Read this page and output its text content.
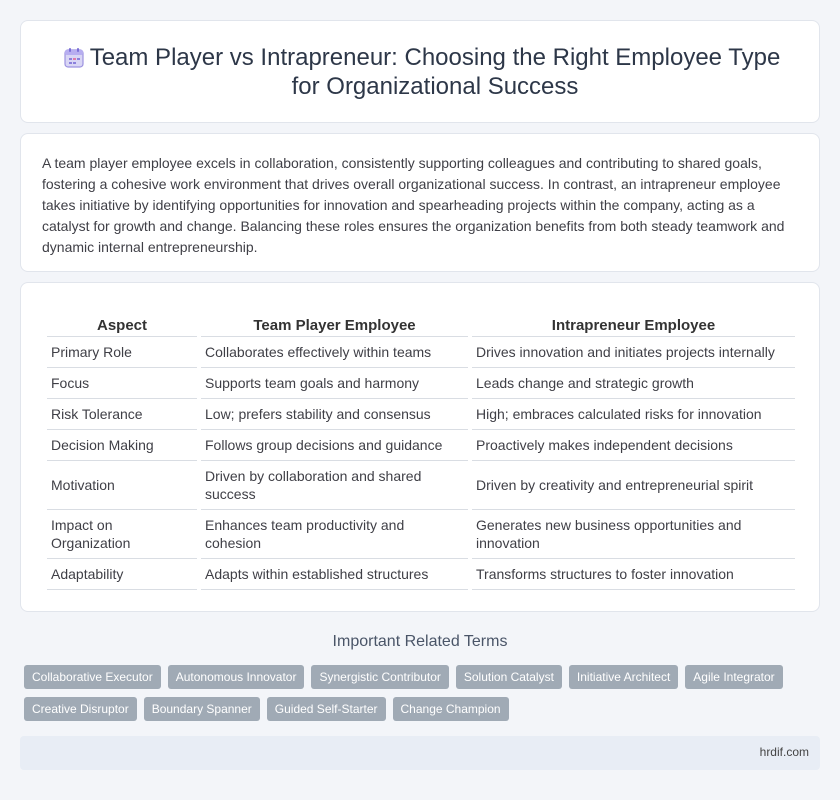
Team Player vs Intrapreneur: Choosing the Right Employee Type for Organizational Success

A team player employee excels in collaboration, consistently supporting colleagues and contributing to shared goals, fostering a cohesive work environment that drives overall organizational success. In contrast, an intrapreneur employee takes initiative by identifying opportunities for innovation and spearheading projects within the company, acting as a catalyst for growth and change. Balancing these roles ensures the organization benefits from both steady teamwork and dynamic internal entrepreneurship.

Aspect	Team Player Employee	Intrapreneur Employee
Primary Role	Collaborates effectively within teams	Drives innovation and initiates projects internally
Focus	Supports team goals and harmony	Leads change and strategic growth
Risk Tolerance	Low; prefers stability and consensus	High; embraces calculated risks for innovation
Decision Making	Follows group decisions and guidance	Proactively makes independent decisions
Motivation	Driven by collaboration and shared success	Driven by creativity and entrepreneurial spirit
Impact on Organization	Enhances team productivity and cohesion	Generates new business opportunities and innovation
Adaptability	Adapts within established structures	Transforms structures to foster innovation
Important Related Terms
Collaborative Executor	Autonomous Innovator	Synergistic Contributor	Solution Catalyst	Initiative Architect	Agile Integrator
Creative Disruptor	Boundary Spanner	Guided Self-Starter	Change Champion
hrdif.com
